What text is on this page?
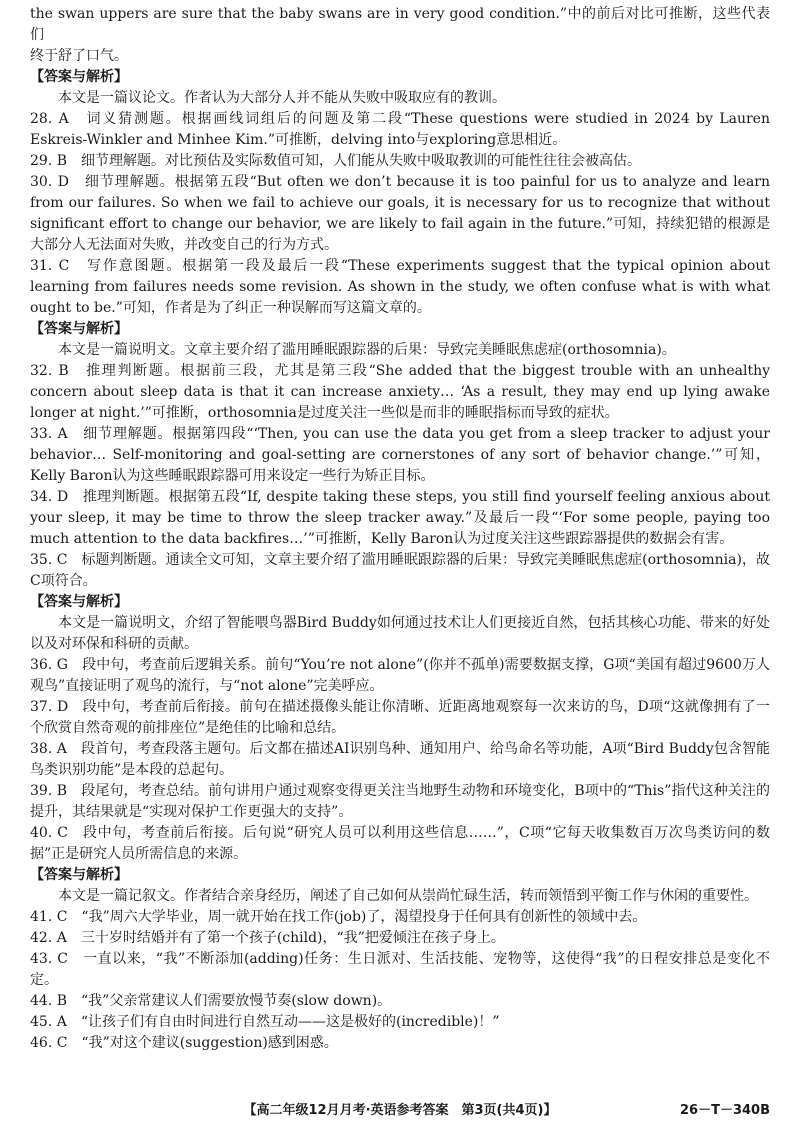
the swan uppers are sure that the baby swans are in very good condition.”中的前后对比可推断，这些代表们

终于舒了口气。

【答案与解析】

本文是一篇议论文。作者认为大部分人并不能从失败中吸取应有的教训。

28. A　词义猜测题。根据画线词组后的问题及第二段“These questions were studied in 2024 by Lauren Eskreis-Winkler and Minhee Kim.”可推断，delving into与exploring意思相近。

29. B　细节理解题。对比预估及实际数值可知，人们能从失败中吸取教训的可能性往往会被高估。

30. D　细节理解题。根据第五段“But often we don’t because it is too painful for us to analyze and learn from our failures. So when we fail to achieve our goals, it is necessary for us to recognize that without significant effort to change our behavior, we are likely to fail again in the future.”可知，持续犯错的根源是大部分人无法面对失败，并改变自己的行为方式。

31. C　写作意图题。根据第一段及最后一段“These experiments suggest that the typical opinion about learning from failures needs some revision. As shown in the study, we often confuse what is with what ought to be.”可知，作者是为了纠正一种误解而写这篇文章的。

【答案与解析】

本文是一篇说明文。文章主要介绍了滥用睡眠跟踪器的后果：导致完美睡眠焦虑症(orthosomnia)。

32. B　推理判断题。根据前三段，尤其是第三段“She added that the biggest trouble with an unhealthy concern about sleep data is that it can increase anxiety… ‘As a result, they may end up lying awake longer at night.’”可推断，orthosomnia是过度关注一些似是而非的睡眠指标而导致的症状。

33. A　细节理解题。根据第四段“‘Then, you can use the data you get from a sleep tracker to adjust your behavior… Self-monitoring and goal-setting are cornerstones of any sort of behavior change.’”可知，Kelly Baron认为这些睡眠跟踪器可用来设定一些行为矫正目标。

34. D　推理判断题。根据第五段“If, despite taking these steps, you still find yourself feeling anxious about your sleep, it may be time to throw the sleep tracker away.”及最后一段“‘For some people, paying too much attention to the data backfires…’”可推断，Kelly Baron认为过度关注这些跟踪器提供的数据会有害。

35. C　标题判断题。通读全文可知，文章主要介绍了滥用睡眠跟踪器的后果：导致完美睡眠焦虑症(orthosomnia)，故C项符合。

【答案与解析】

本文是一篇说明文，介绍了智能喂鸟器Bird Buddy如何通过技术让人们更接近自然，包括其核心功能、带来的好处以及对环保和科研的贡献。

36. G　段中句，考查前后逻辑关系。前句“You’re not alone”(你并不孤单)需要数据支撑，G项“美国有超过9600万人观鸟”直接证明了观鸟的流行，与“not alone”完美呼应。

37. D　段中句，考查前后衔接。前句在描述摄像头能让你清晰、近距离地观察每一次来访的鸟，D项“这就像拥有了一个欣赏自然奇观的前排座位”是绝佳的比喻和总结。

38. A　段首句，考查段落主题句。后文都在描述AI识别鸟种、通知用户、给鸟命名等功能，A项“Bird Buddy包含智能鸟类识别功能”是本段的总起句。

39. B　段尾句，考查总结。前句讲用户通过观察变得更关注当地野生动物和环境变化，B项中的“This”指代这种关注的提升，其结果就是“实现对保护工作更强大的支持”。

40. C　段中句，考查前后衔接。后句说“研究人员可以利用这些信息……”，C项“它每天收集数百万次鸟类访问的数据”正是研究人员所需信息的来源。

【答案与解析】

本文是一篇记叙文。作者结合亲身经历，阐述了自己如何从崇尚忙碌生活，转而领悟到平衡工作与休闲的重要性。

41. C　“我”周六大学毕业，周一就开始在找工作(job)了，渴望投身于任何具有创新性的领域中去。

42. A　三十岁时结婚并有了第一个孩子(child)，“我”把爱倾注在孩子身上。

43. C　一直以来，“我”不断添加(adding)任务：生日派对、生活技能、宠物等，这使得“我”的日程安排总是变化不定。

44. B　“我”父亲常建议人们需要放慢节奏(slow down)。

45. A　“让孩子们有自由时间进行自然互动——这是极好的(incredible)！”

46. C　“我”对这个建议(suggestion)感到困惑。

【高二年级12月月考·英语参考答案　第3页(共4页)】	26－T－340B
